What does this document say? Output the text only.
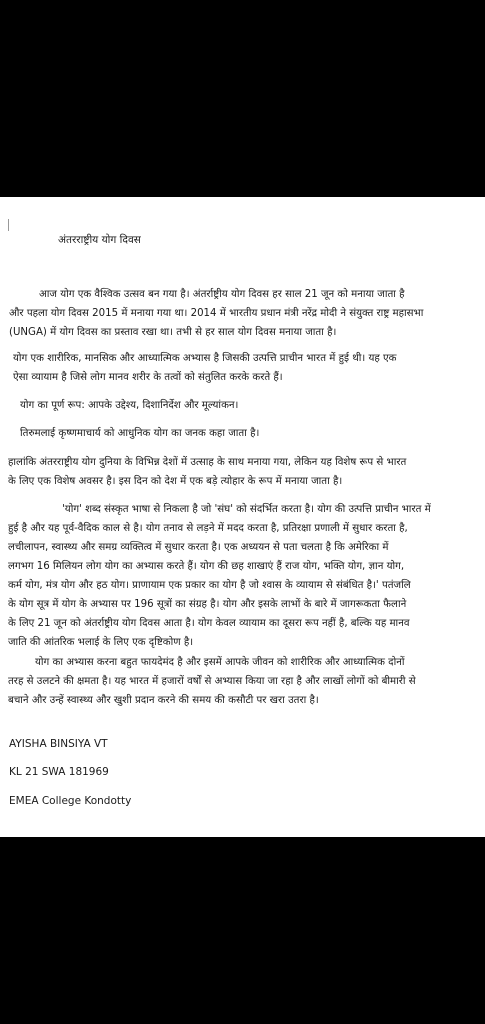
अंतरराष्ट्रीय योग दिवस

आज योग एक वैश्विक उत्सव बन गया है। अंतर्राष्ट्रीय योग दिवस हर साल 21 जून को मनाया जाता है
और पहला योग दिवस 2015 में मनाया गया था। 2014 में भारतीय प्रधान मंत्री नरेंद्र मोदी ने संयुक्त राष्ट्र महासभा
(UNGA) में योग दिवस का प्रस्ताव रखा था। तभी से हर साल योग दिवस मनाया जाता है।

योग एक शारीरिक, मानसिक और आध्यात्मिक अभ्यास है जिसकी उत्पत्ति प्राचीन भारत में हुई थी। यह एक
ऐसा व्यायाम है जिसे लोग मानव शरीर के तत्वों को संतुलित करके करते हैं।

योग का पूर्ण रूप: आपके उद्देश्य, दिशानिर्देश और मूल्यांकन।

तिरुमलाई कृष्णमाचार्य को आधुनिक योग का जनक कहा जाता है।

हालांकि अंतरराष्ट्रीय योग दुनिया के विभिन्न देशों में उत्साह के साथ मनाया गया, लेकिन यह विशेष रूप से भारत
के लिए एक विशेष अवसर है। इस दिन को देश में एक बड़े त्योहार के रूप में मनाया जाता है।

'योग' शब्द संस्कृत भाषा से निकला है जो 'संघ' को संदर्भित करता है। योग की उत्पत्ति प्राचीन भारत में
हुई है और यह पूर्व-वैदिक काल से है। योग तनाव से लड़ने में मदद करता है, प्रतिरक्षा प्रणाली में सुधार करता है,
लचीलापन, स्वास्थ्य और समग्र व्यक्तित्व में सुधार करता है। एक अध्ययन से पता चलता है कि अमेरिका में
लगभग 16 मिलियन लोग योग का अभ्यास करते हैं। योग की छह शाखाएं हैं राज योग, भक्ति योग, ज्ञान योग,
कर्म योग, मंत्र योग और हठ योग। प्राणायाम एक प्रकार का योग है जो श्वास के व्यायाम से संबंधित है।' पतंजलि
के योग सूत्र में योग के अभ्यास पर 196 सूत्रों का संग्रह है। योग और इसके लाभों के बारे में जागरूकता फैलाने
के लिए 21 जून को अंतर्राष्ट्रीय योग दिवस आता है। योग केवल व्यायाम का दूसरा रूप नहीं है, बल्कि यह मानव
जाति की आंतरिक भलाई के लिए एक दृष्टिकोण है।

योग का अभ्यास करना बहुत फायदेमंद है और इसमें आपके जीवन को शारीरिक और आध्यात्मिक दोनों
तरह से उलटने की क्षमता है। यह भारत में हजारों वर्षों से अभ्यास किया जा रहा है और लाखों लोगों को बीमारी से
बचाने और उन्हें स्वास्थ्य और खुशी प्रदान करने की समय की कसौटी पर खरा उतरा है।

AYISHA BINSIYA VT
KL 21 SWA 181969
EMEA College Kondotty
